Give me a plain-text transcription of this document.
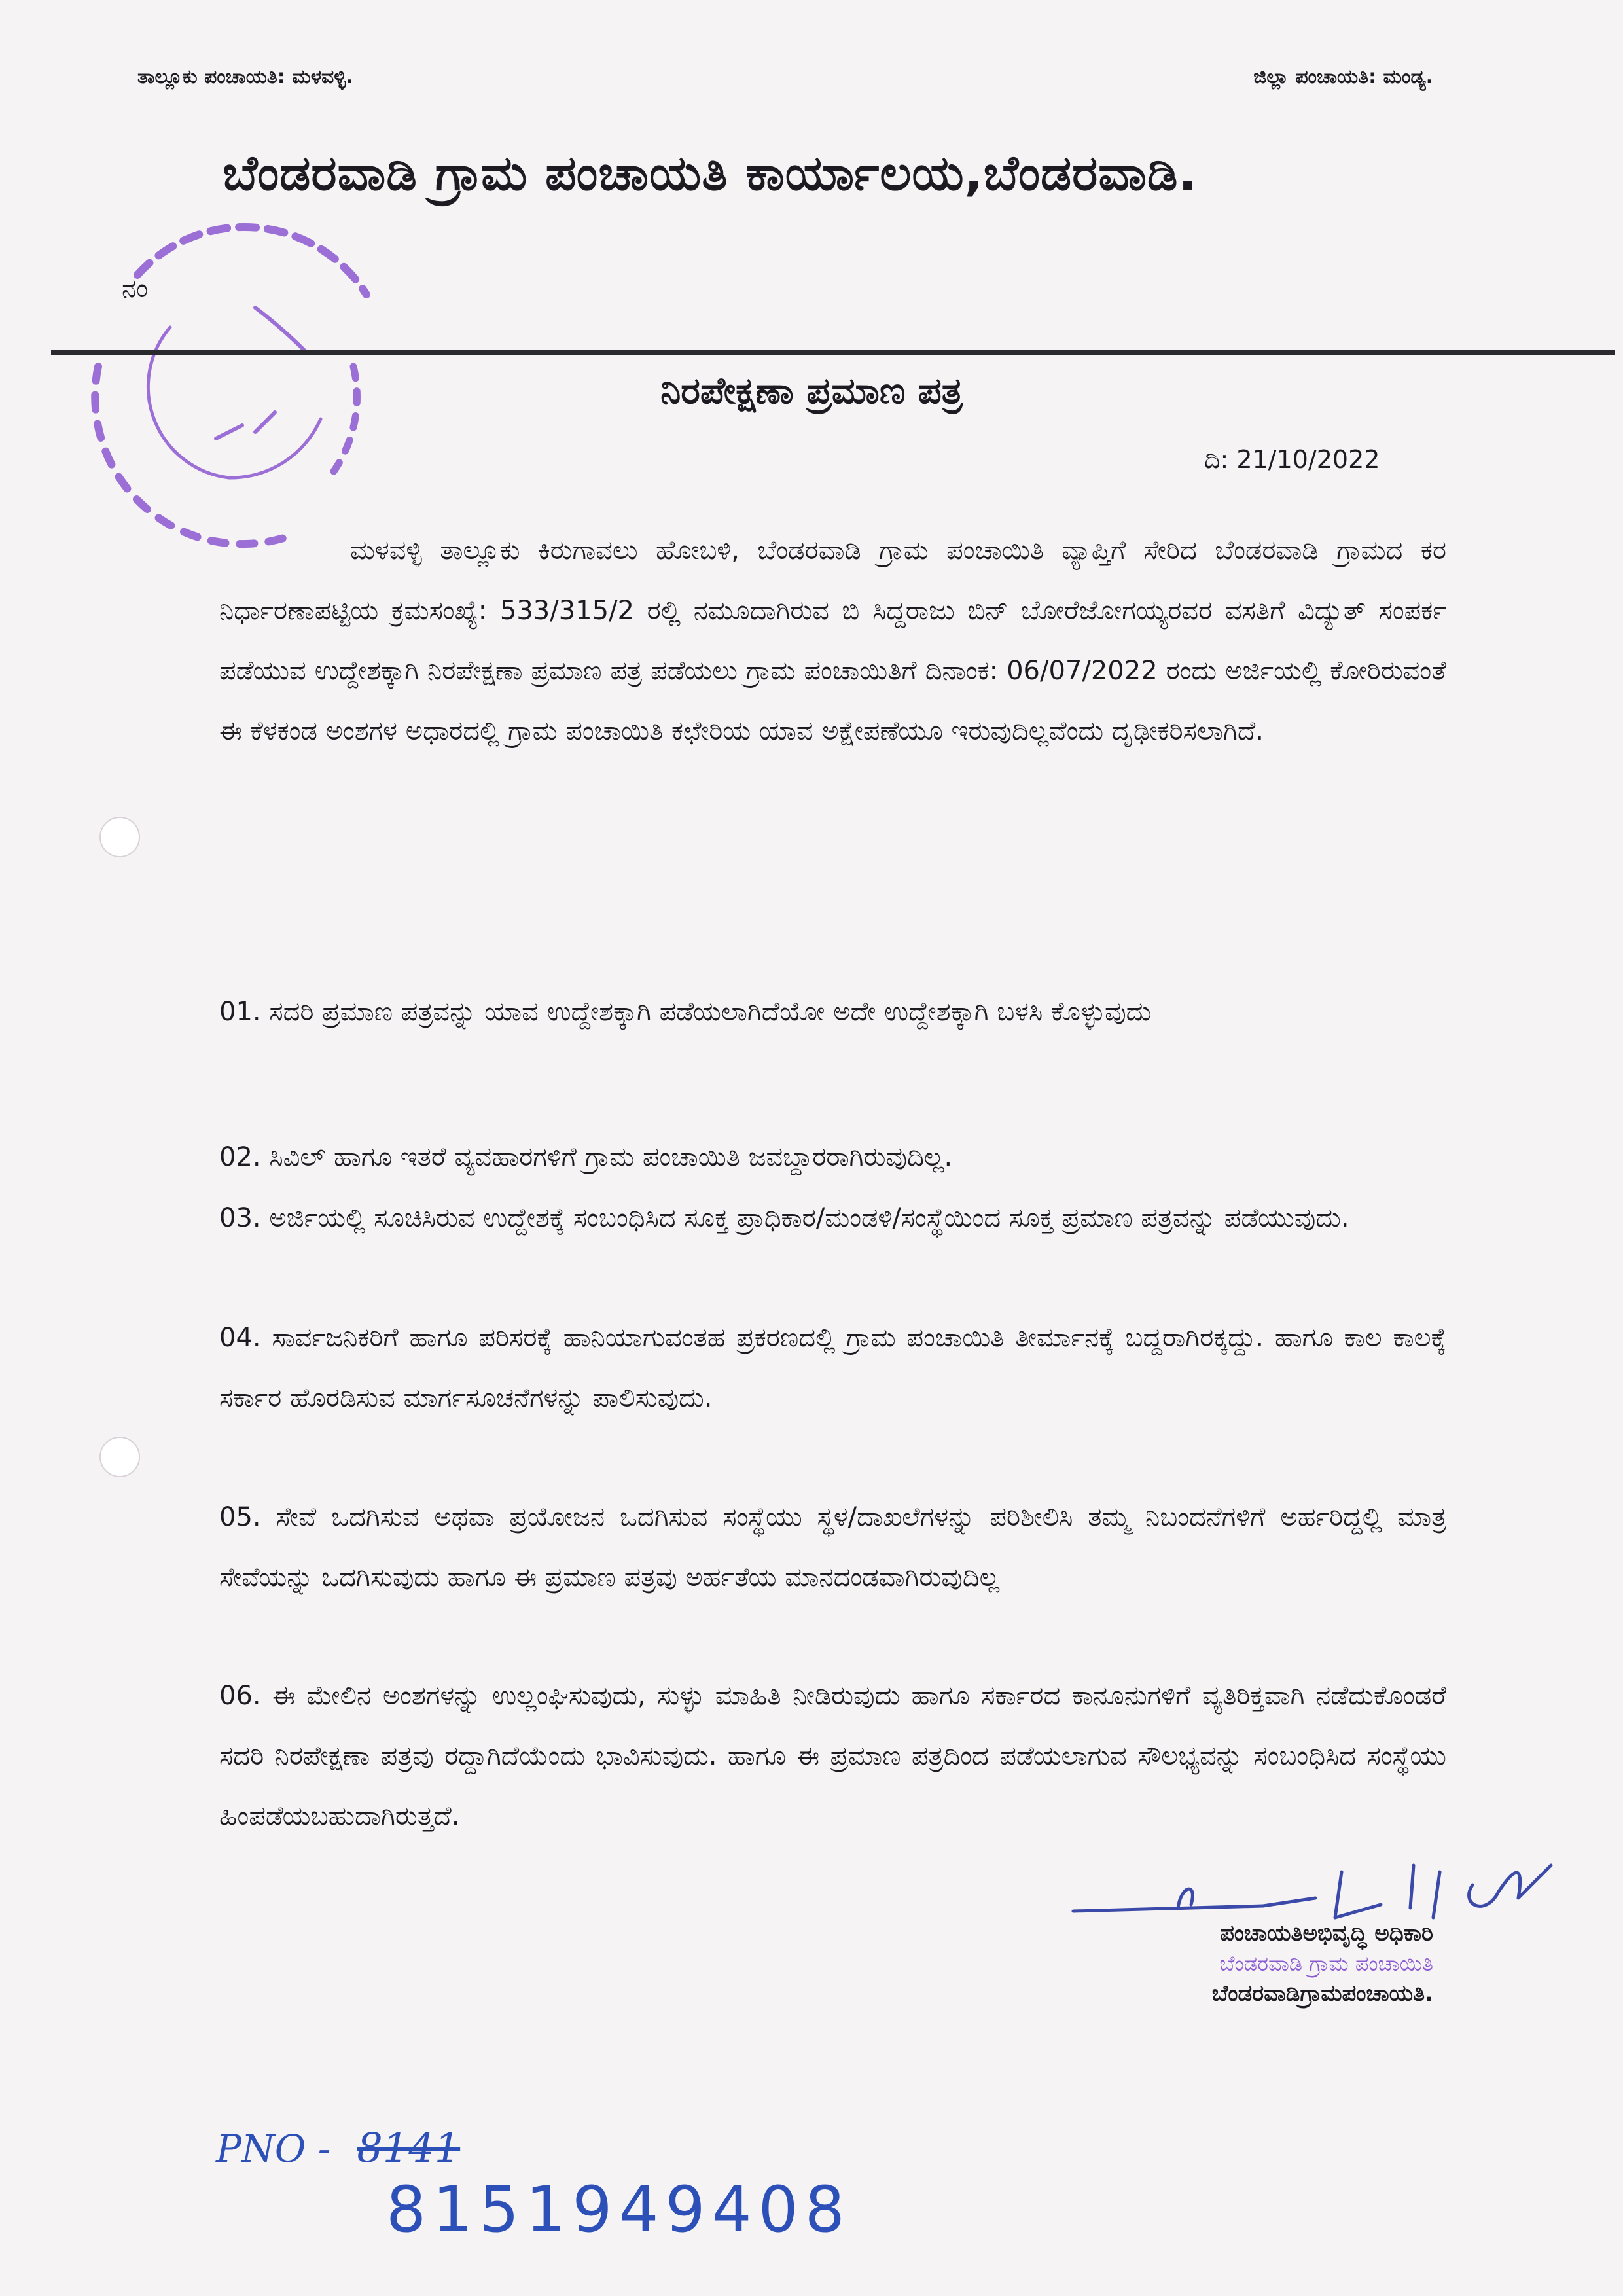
ತಾಲ್ಲೂಕು ಪಂಚಾಯತಿ: ಮಳವಳ್ಳಿ.	ಜಿಲ್ಲಾ ಪಂಚಾಯತಿ: ಮಂಡ್ಯ.
ಬೆಂಡರವಾಡಿ ಗ್ರಾಮ ಪಂಚಾಯತಿ ಕಾರ್ಯಾಲಯ,ಬೆಂಡರವಾಡಿ.
ನಂ
ನಿರಪೇಕ್ಷಣಾ ಪ್ರಮಾಣ ಪತ್ರ
ದಿ: 21/10/2022
ಮಳವಳ್ಳಿ ತಾಲ್ಲೂಕು ಕಿರುಗಾವಲು ಹೋಬಳಿ, ಬೆಂಡರವಾಡಿ ಗ್ರಾಮ ಪಂಚಾಯಿತಿ ವ್ಯಾಪ್ತಿಗೆ ಸೇರಿದ ಬೆಂಡರವಾಡಿ ಗ್ರಾಮದ ಕರ ನಿರ್ಧಾರಣಾಪಟ್ಟಿಯ ಕ್ರಮಸಂಖ್ಯೆ: 533/315/2 ರಲ್ಲಿ ನಮೂದಾಗಿರುವ ಬಿ ಸಿದ್ದರಾಜು ಬಿನ್ ಬೋರೆಜೋಗಯ್ಯರವರ ವಸತಿಗೆ ವಿದ್ಯುತ್ ಸಂಪರ್ಕ ಪಡೆಯುವ ಉದ್ದೇಶಕ್ಕಾಗಿ ನಿರಪೇಕ್ಷಣಾ ಪ್ರಮಾಣ ಪತ್ರ ಪಡೆಯಲು ಗ್ರಾಮ ಪಂಚಾಯಿತಿಗೆ ದಿನಾಂಕ: 06/07/2022 ರಂದು ಅರ್ಜಿಯಲ್ಲಿ ಕೋರಿರುವಂತೆ ಈ ಕೆಳಕಂಡ ಅಂಶಗಳ ಅಧಾರದಲ್ಲಿ ಗ್ರಾಮ ಪಂಚಾಯಿತಿ ಕಛೇರಿಯ ಯಾವ ಅಕ್ಷೇಪಣೆಯೂ ಇರುವುದಿಲ್ಲವೆಂದು ದೃಢೀಕರಿಸಲಾಗಿದೆ.
01. ಸದರಿ ಪ್ರಮಾಣ ಪತ್ರವನ್ನು ಯಾವ ಉದ್ದೇಶಕ್ಕಾಗಿ ಪಡೆಯಲಾಗಿದೆಯೋ ಅದೇ ಉದ್ದೇಶಕ್ಕಾಗಿ ಬಳಸಿ ಕೊಳ್ಳುವುದು
02. ಸಿವಿಲ್ ಹಾಗೂ ಇತರೆ ವ್ಯವಹಾರಗಳಿಗೆ ಗ್ರಾಮ ಪಂಚಾಯಿತಿ ಜವಬ್ದಾರರಾಗಿರುವುದಿಲ್ಲ.
03. ಅರ್ಜಿಯಲ್ಲಿ ಸೂಚಿಸಿರುವ ಉದ್ದೇಶಕ್ಕೆ ಸಂಬಂಧಿಸಿದ ಸೂಕ್ತ ಪ್ರಾಧಿಕಾರ/ಮಂಡಳಿ/ಸಂಸ್ಥೆಯಿಂದ ಸೂಕ್ತ ಪ್ರಮಾಣ ಪತ್ರವನ್ನು ಪಡೆಯುವುದು.
04. ಸಾರ್ವಜನಿಕರಿಗೆ ಹಾಗೂ ಪರಿಸರಕ್ಕೆ ಹಾನಿಯಾಗುವಂತಹ ಪ್ರಕರಣದಲ್ಲಿ ಗ್ರಾಮ ಪಂಚಾಯಿತಿ ತೀರ್ಮಾನಕ್ಕೆ ಬದ್ದರಾಗಿರಕ್ಕದ್ದು. ಹಾಗೂ ಕಾಲ ಕಾಲಕ್ಕೆ ಸರ್ಕಾರ ಹೊರಡಿಸುವ ಮಾರ್ಗಸೂಚನೆಗಳನ್ನು ಪಾಲಿಸುವುದು.
05. ಸೇವೆ ಒದಗಿಸುವ ಅಥವಾ ಪ್ರಯೋಜನ ಒದಗಿಸುವ ಸಂಸ್ಥೆಯು ಸ್ಥಳ/ದಾಖಲೆಗಳನ್ನು ಪರಿಶೀಲಿಸಿ ತಮ್ಮ ನಿಬಂದನೆಗಳಿಗೆ ಅರ್ಹರಿದ್ದಲ್ಲಿ ಮಾತ್ರ ಸೇವೆಯನ್ನು ಒದಗಿಸುವುದು ಹಾಗೂ ಈ ಪ್ರಮಾಣ ಪತ್ರವು ಅರ್ಹತೆಯ ಮಾನದಂಡವಾಗಿರುವುದಿಲ್ಲ
06. ಈ ಮೇಲಿನ ಅಂಶಗಳನ್ನು ಉಲ್ಲಂಘಿಸುವುದು, ಸುಳ್ಳು ಮಾಹಿತಿ ನೀಡಿರುವುದು ಹಾಗೂ ಸರ್ಕಾರದ ಕಾನೂನುಗಳಿಗೆ ವ್ಯತಿರಿಕ್ತವಾಗಿ ನಡೆದುಕೊಂಡರೆ ಸದರಿ ನಿರಪೇಕ್ಷಣಾ ಪತ್ರವು ರದ್ದಾಗಿದೆಯೆಂದು ಭಾವಿಸುವುದು. ಹಾಗೂ ಈ ಪ್ರಮಾಣ ಪತ್ರದಿಂದ ಪಡೆಯಲಾಗುವ ಸೌಲಭ್ಯವನ್ನು ಸಂಬಂಧಿಸಿದ ಸಂಸ್ಥೆಯು ಹಿಂಪಡೆಯಬಹುದಾಗಿರುತ್ತದೆ.
ಪಂಚಾಯತಿಅಭಿವೃದ್ಧಿ ಅಧಿಕಾರಿ
ಬೆಂಡರವಾಡಿ ಗ್ರಾಮ ಪಂಚಾಯಿತಿ
ಬೆಂಡರವಾಡಿಗ್ರಾಮಪಂಚಾಯತಿ.
PNO - 8141
8151949408
